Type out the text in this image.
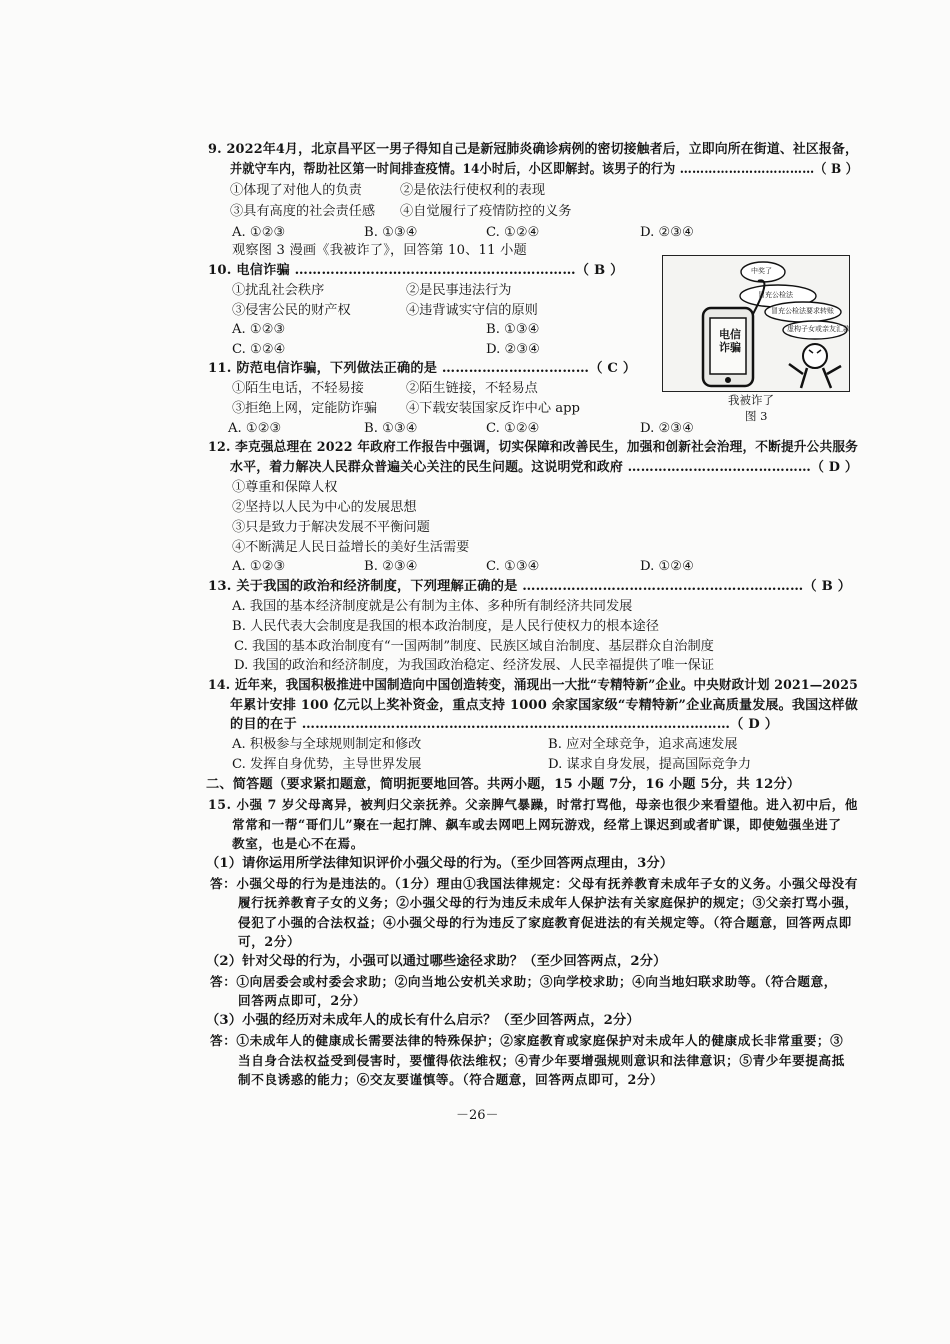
9. 2022年4月，北京昌平区一男子得知自己是新冠肺炎确诊病例的密切接触者后，立即向所在街道、社区报备，
并就守车内，帮助社区第一时间排查疫情。14小时后，小区即解封。该男子的行为 ……………………………（ B ）
①体现了对他人的负责	②是依法行使权利的表现
③具有高度的社会责任感 ④自觉履行了疫情防控的义务
A. ①②③	B. ①③④	C. ①②④	D. ②③④
观察图 3 漫画《我被诈了》，回答第 10、11 小题
10. 电信诈骗 ………………………………………………………（ B ）
①扰乱社会秩序	②是民事违法行为
③侵害公民的财产权	④违背诚实守信的原则
A. ①②③	B. ①③④
C. ①②④	D. ②③④
11. 防范电信诈骗，下列做法正确的是 ……………………………（ C ）
①陌生电话，不轻易接	②陌生链接，不轻易点
③拒绝上网，定能防诈骗 ④下载安装国家反诈中心 app
A. ①②③	B. ①③④	C. ①②④	D. ②③④
电信诈骗
中奖了
冒充公检法
冒充公检法要求转账
虚构子女或亲友汇款
我被诈了
图 3
12. 李克强总理在 2022 年政府工作报告中强调，切实保障和改善民生，加强和创新社会治理，不断提升公共服务
水平，着力解决人民群众普遍关心关注的民生问题。这说明党和政府 ……………………………………（ D ）
①尊重和保障人权
②坚持以人民为中心的发展思想
③只是致力于解决发展不平衡问题
④不断满足人民日益增长的美好生活需要
A. ①②③	B. ②③④	C. ①③④	D. ①②④
13. 关于我国的政治和经济制度，下列理解正确的是 ………………………………………………………（ B ）
A. 我国的基本经济制度就是公有制为主体、多种所有制经济共同发展
B. 人民代表大会制度是我国的根本政治制度，是人民行使权力的根本途径
C. 我国的基本政治制度有“一国两制”制度、民族区域自治制度、基层群众自治制度
D. 我国的政治和经济制度，为我国政治稳定、经济发展、人民幸福提供了唯一保证
14. 近年来，我国积极推进中国制造向中国创造转变，涌现出一大批“专精特新”企业。中央财政计划 2021—2025
年累计安排 100 亿元以上奖补资金，重点支持 1000 余家国家级“专精特新”企业高质量发展。我国这样做
的目的在于 ……………………………………………………………………………………（ D ）
A. 积极参与全球规则制定和修改	B. 应对全球竞争，追求高速发展
C. 发挥自身优势，主导世界发展	D. 谋求自身发展，提高国际竞争力
二、简答题（要求紧扣题意，简明扼要地回答。共两小题，15 小题 7分，16 小题 5分，共 12分）
15. 小强 7 岁父母离异，被判归父亲抚养。父亲脾气暴躁，时常打骂他，母亲也很少来看望他。进入初中后，他
常常和一帮“哥们儿”聚在一起打牌、飙车或去网吧上网玩游戏，经常上课迟到或者旷课，即使勉强坐进了
教室，也是心不在焉。
（1）请你运用所学法律知识评价小强父母的行为。（至少回答两点理由，3分）
答：小强父母的行为是违法的。（1分）理由①我国法律规定：父母有抚养教育未成年子女的义务。小强父母没有
履行抚养教育子女的义务；②小强父母的行为违反未成年人保护法有关家庭保护的规定；③父亲打骂小强，
侵犯了小强的合法权益；④小强父母的行为违反了家庭教育促进法的有关规定等。（符合题意，回答两点即
可，2分）
（2）针对父母的行为，小强可以通过哪些途径求助？（至少回答两点，2分）
答：①向居委会或村委会求助；②向当地公安机关求助；③向学校求助；④向当地妇联求助等。（符合题意，
回答两点即可，2分）
（3）小强的经历对未成年人的成长有什么启示？（至少回答两点，2分）
答：①未成年人的健康成长需要法律的特殊保护；②家庭教育或家庭保护对未成年人的健康成长非常重要；③
当自身合法权益受到侵害时，要懂得依法维权；④青少年要增强规则意识和法律意识；⑤青少年要提高抵
制不良诱惑的能力；⑥交友要谨慎等。（符合题意，回答两点即可，2分）
－26－
